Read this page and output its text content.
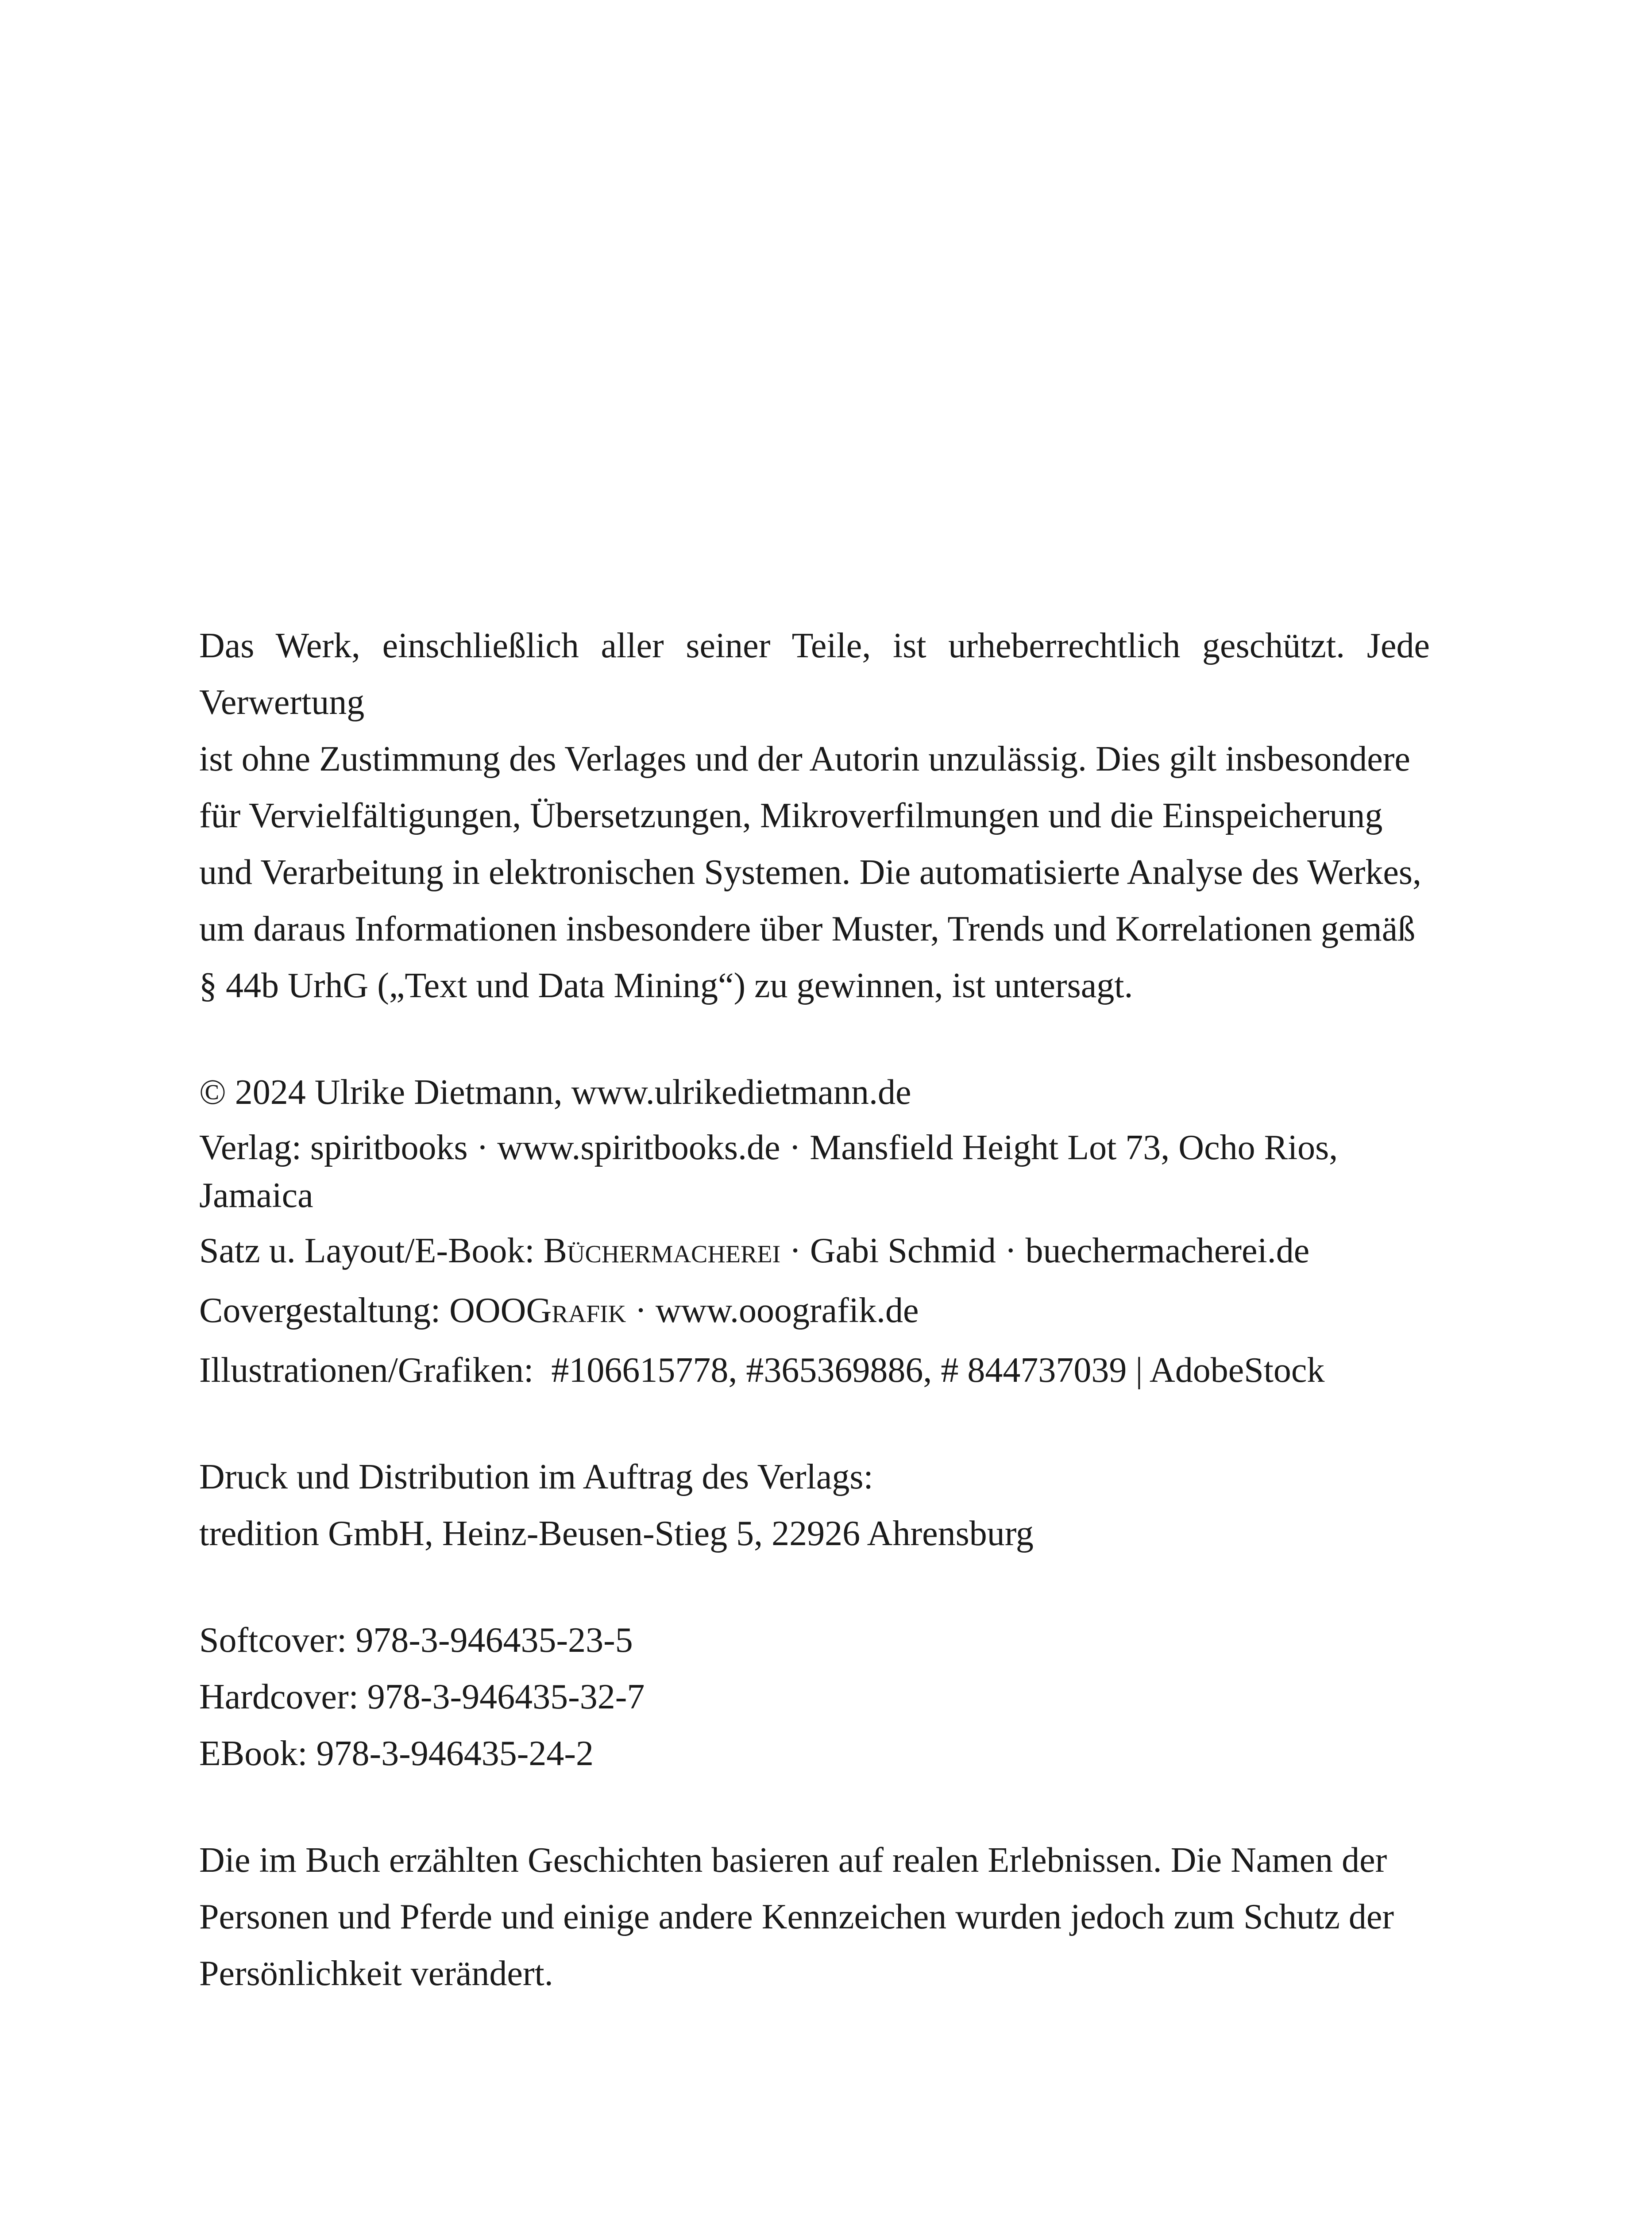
Das Werk, einschließlich aller seiner Teile, ist urheberrechtlich geschützt. Jede Verwertung

ist ohne Zustimmung des Verlages und der Autorin unzulässig. Dies gilt insbesondere

für Vervielfältigungen, Übersetzungen, Mikroverfilmungen und die Einspeicherung

und Verarbeitung in elektronischen Systemen. Die automatisierte Analyse des Werkes,

um daraus Informationen insbesondere über Muster, Trends und Korrelationen gemäß

§ 44b UrhG („Text und Data Mining“) zu gewinnen, ist untersagt.

© 2024 Ulrike Dietmann, www.ulrikedietmann.de

Verlag: spiritbooks · www.spiritbooks.de · Mansfield Height Lot 73, Ocho Rios,

Jamaica

Satz u. Layout/E-Book: Büchermacherei · Gabi Schmid · buechermacherei.de

Covergestaltung: OOOGrafik · www.ooografik.de

Illustrationen/Grafiken:  #106615778, #365369886, # 844737039 | AdobeStock

Druck und Distribution im Auftrag des Verlags:

tredition GmbH, Heinz-Beusen-Stieg 5, 22926 Ahrensburg

Softcover: 978-3-946435-23-5

Hardcover: 978-3-946435-32-7

EBook: 978-3-946435-24-2

Die im Buch erzählten Geschichten basieren auf realen Erlebnissen. Die Namen der

Personen und Pferde und einige andere Kennzeichen wurden jedoch zum Schutz der

Persönlichkeit verändert.
